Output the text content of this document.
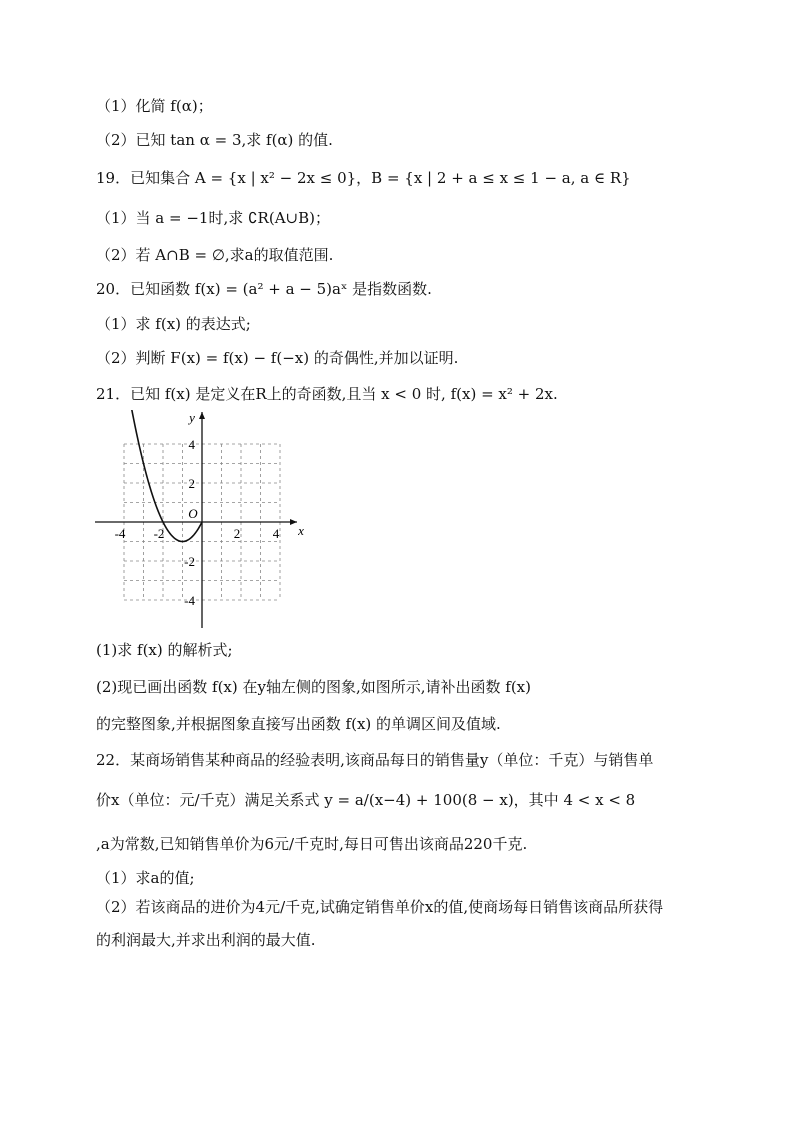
（1）化简 f(α)；
（2）已知 tan α = 3,求 f(α) 的值.
19．已知集合 A = {x | x² − 2x ≤ 0}，B = {x | 2 + a ≤ x ≤ 1 − a, a ∈ R}
（1）当 a = −1时,求 ∁R(A∪B)；
（2）若 A∩B = ∅,求a的取值范围.
20．已知函数 f(x) = (a² + a − 5)aˣ 是指数函数.
（1）求 f(x) 的表达式;
（2）判断 F(x) = f(x) − f(−x) 的奇偶性,并加以证明.
21．已知 f(x) 是定义在R上的奇函数,且当 x < 0 时, f(x) = x² + 2x.
-4 -2	2	4
4
2
-2
-4
x
y
O
(1)求 f(x) 的解析式;
(2)现已画出函数 f(x) 在y轴左侧的图象,如图所示,请补出函数 f(x)
的完整图象,并根据图象直接写出函数 f(x) 的单调区间及值域.
22．某商场销售某种商品的经验表明,该商品每日的销售量y（单位：千克）与销售单
价x（单位：元/千克）满足关系式 y = a/(x−4) + 100(8 − x)，其中 4 < x < 8
,a为常数,已知销售单价为6元/千克时,每日可售出该商品220千克.
（1）求a的值;
（2）若该商品的进价为4元/千克,试确定销售单价x的值,使商场每日销售该商品所获得
的利润最大,并求出利润的最大值.
